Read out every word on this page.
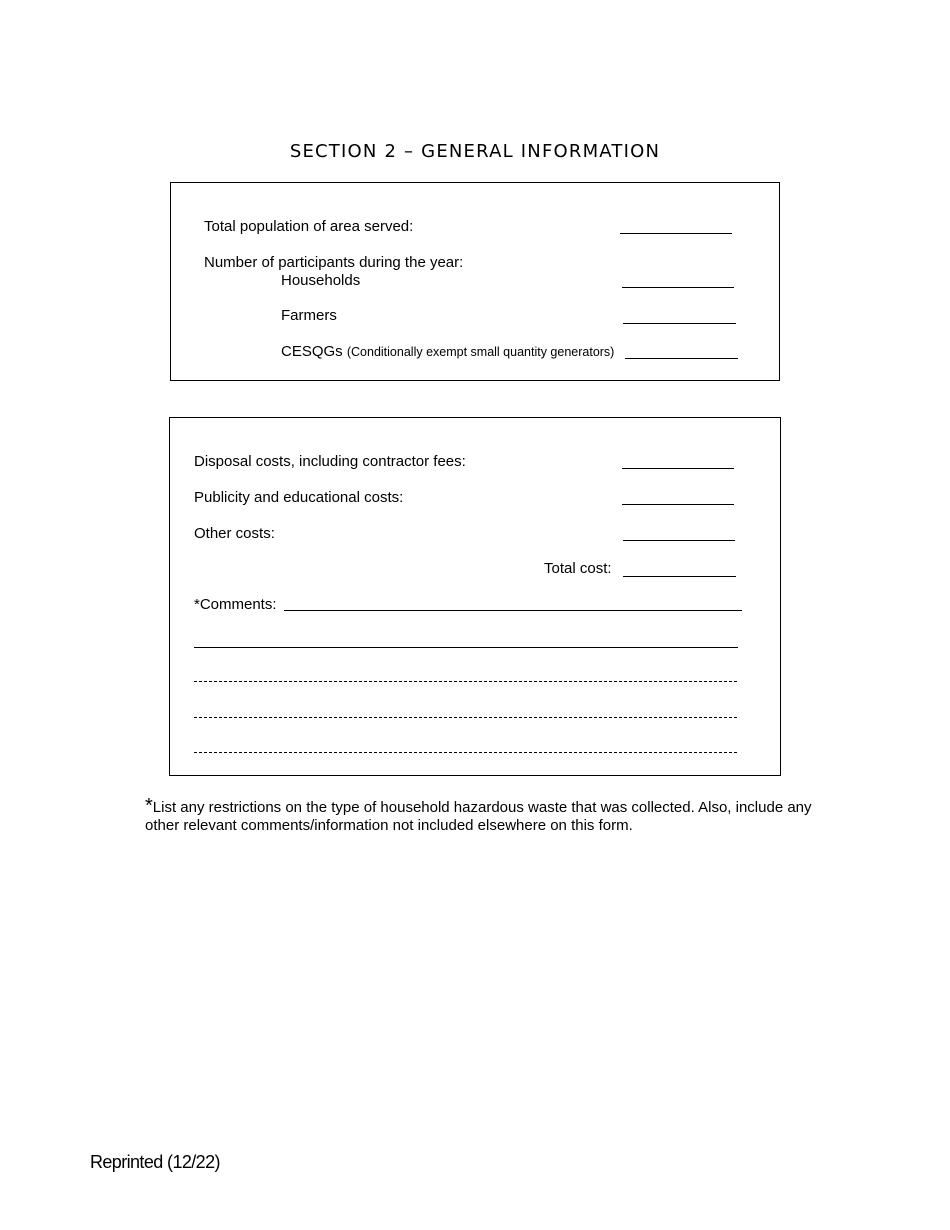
SECTION 2 – GENERAL INFORMATION
Total population of area served:
Number of participants during the year:
Households
Farmers
CESQGs (Conditionally exempt small quantity generators)
Disposal costs, including contractor fees:
Publicity and educational costs:
Other costs:
Total cost:
*Comments:
*List any restrictions on the type of household hazardous waste that was collected. Also, include any other relevant comments/information not included elsewhere on this form.
Reprinted (12/22)
